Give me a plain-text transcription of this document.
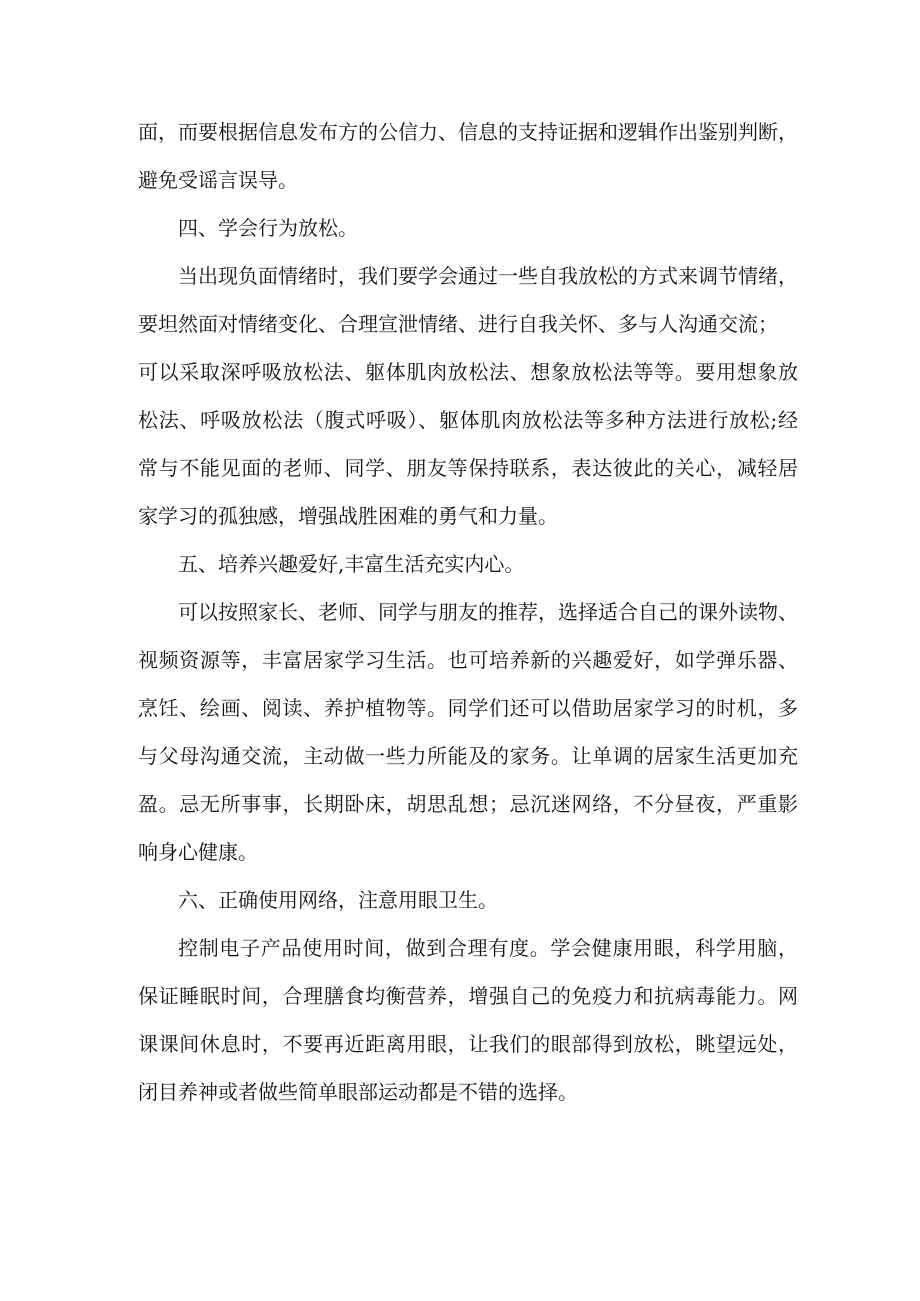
面，而要根据信息发布方的公信力、信息的支持证据和逻辑作出鉴别判断，
避免受谣言误导。
四、学会行为放松。
当出现负面情绪时，我们要学会通过一些自我放松的方式来调节情绪，
要坦然面对情绪变化、合理宣泄情绪、进行自我关怀、多与人沟通交流；
可以采取深呼吸放松法、躯体肌肉放松法、想象放松法等等。要用想象放
松法、呼吸放松法（腹式呼吸）、躯体肌肉放松法等多种方法进行放松;经
常与不能见面的老师、同学、朋友等保持联系，表达彼此的关心，减轻居
家学习的孤独感，增强战胜困难的勇气和力量。
五、培养兴趣爱好,丰富生活充实内心。
可以按照家长、老师、同学与朋友的推荐，选择适合自己的课外读物、
视频资源等，丰富居家学习生活。也可培养新的兴趣爱好，如学弹乐器、
烹饪、绘画、阅读、养护植物等。同学们还可以借助居家学习的时机，多
与父母沟通交流，主动做一些力所能及的家务。让单调的居家生活更加充
盈。忌无所事事，长期卧床，胡思乱想；忌沉迷网络，不分昼夜，严重影
响身心健康。
六、正确使用网络，注意用眼卫生。
控制电子产品使用时间，做到合理有度。学会健康用眼，科学用脑，
保证睡眠时间，合理膳食均衡营养，增强自己的免疫力和抗病毒能力。网
课课间休息时，不要再近距离用眼，让我们的眼部得到放松，眺望远处，
闭目养神或者做些简单眼部运动都是不错的选择。
